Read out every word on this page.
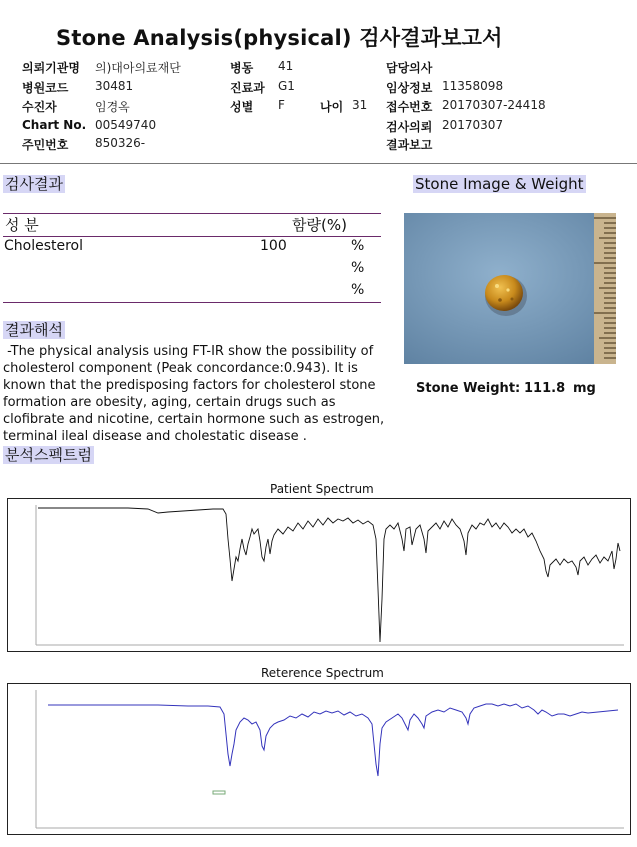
Stone Analysis(physical) 검사결과보고서
의뢰기관명 의)대아의료재단
병원코드 30481
수진자	임경옥
Chart No. 00549740
주민번호 850326-
병동 41
진료과 G1
성별 F	나이 31
담당의사
임상정보 11358098
접수번호 20170307-24418
검사의뢰 20170307
결과보고
검사결과
성 분	함량(%)
Cholesterol	100	%
%
%
Stone Image & Weight
Stone Weight: 111.8 mg
결과해석
-The physical analysis using FT-IR show the possibility of
cholesterol component (Peak concordance:0.943). It is
known that the predisposing factors for cholesterol stone
formation are obesity, aging, certain drugs such as
clofibrate and nicotine, certain hormone such as estrogen,
terminal ileal disease and cholestatic disease .
분석스펙트럼
Patient Spectrum
Reterence Spectrum
